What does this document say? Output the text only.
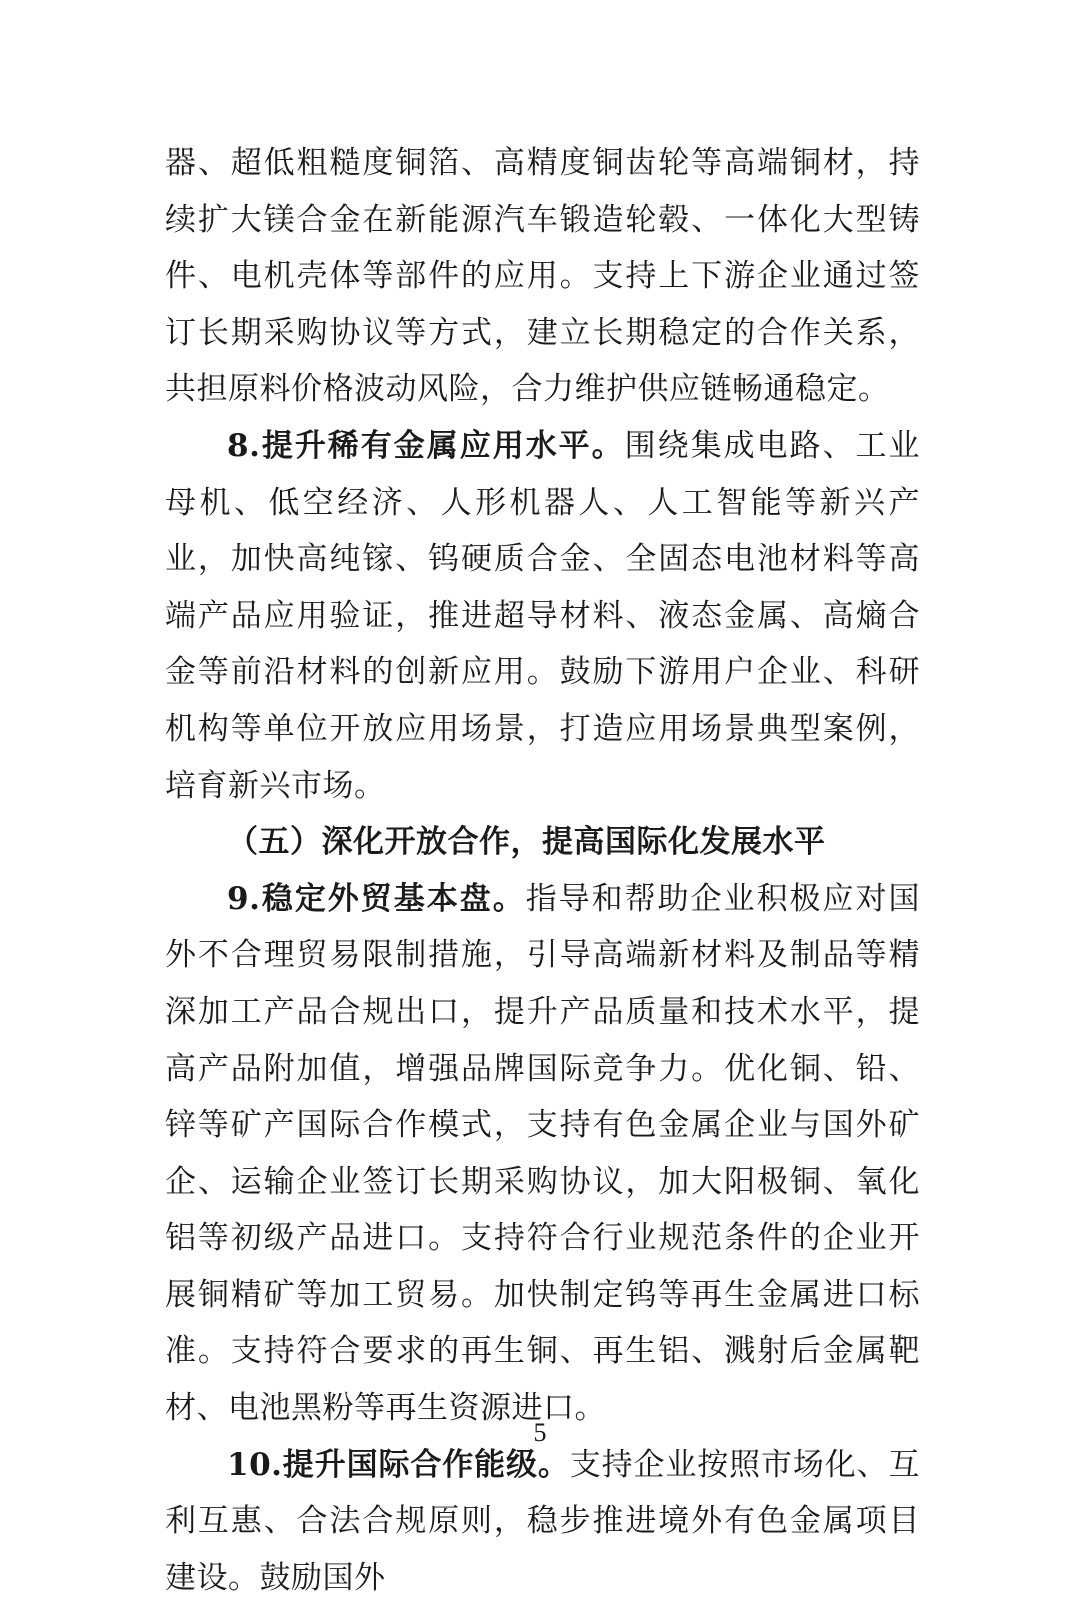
器、超低粗糙度铜箔、高精度铜齿轮等高端铜材，持续扩大镁合金在新能源汽车锻造轮毂、一体化大型铸件、电机壳体等部件的应用。支持上下游企业通过签订长期采购协议等方式，建立长期稳定的合作关系，共担原料价格波动风险，合力维护供应链畅通稳定。

8.提升稀有金属应用水平。围绕集成电路、工业母机、低空经济、人形机器人、人工智能等新兴产业，加快高纯镓、钨硬质合金、全固态电池材料等高端产品应用验证，推进超导材料、液态金属、高熵合金等前沿材料的创新应用。鼓励下游用户企业、科研机构等单位开放应用场景，打造应用场景典型案例，培育新兴市场。

（五）深化开放合作，提高国际化发展水平

9.稳定外贸基本盘。指导和帮助企业积极应对国外不合理贸易限制措施，引导高端新材料及制品等精深加工产品合规出口，提升产品质量和技术水平，提高产品附加值，增强品牌国际竞争力。优化铜、铅、锌等矿产国际合作模式，支持有色金属企业与国外矿企、运输企业签订长期采购协议，加大阳极铜、氧化铝等初级产品进口。支持符合行业规范条件的企业开展铜精矿等加工贸易。加快制定钨等再生金属进口标准。支持符合要求的再生铜、再生铝、溅射后金属靶材、电池黑粉等再生资源进口。

10.提升国际合作能级。支持企业按照市场化、互利互惠、合法合规原则，稳步推进境外有色金属项目建设。鼓励国外

5
